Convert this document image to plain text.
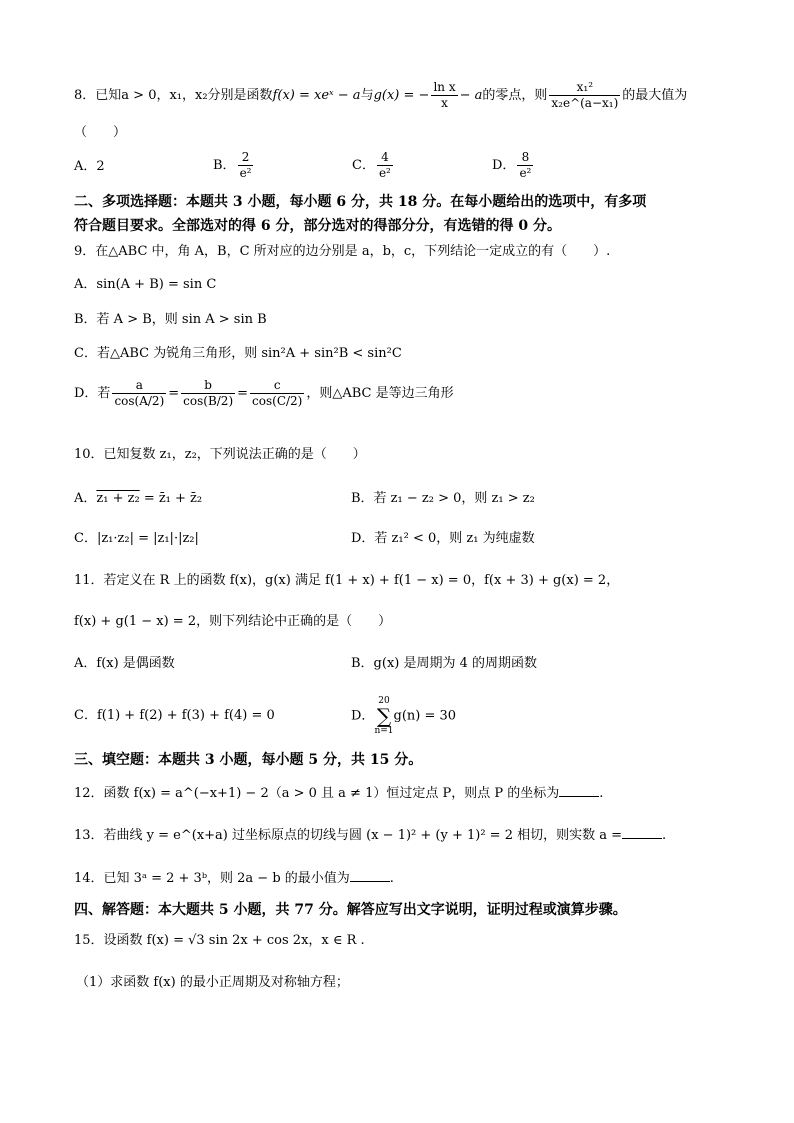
8．已知a > 0，x₁，x₂分别是函数f(x) = xeˣ − a与g(x) = − $\frac{\text{ln x}}{x} - a$的零点，则 $\frac{\text{x₁²}}{\text{x₂e\textasciicircum{}(a−x₁)}}$ 的最大值为
（　　）
A．2	B． $\frac{2}{\text{e²}}$	C． $\frac{4}{\text{e²}}$	D． $\frac{8}{\text{e²}}$
二、多项选择题：本题共 3 小题，每小题 6 分，共 18 分。在每小题给出的选项中，有多项
符合题目要求。全部选对的得 6 分，部分选对的得部分分，有选错的得 0 分。
9．在△ABC 中，角 A，B，C 所对应的边分别是 a，b，c，下列结论一定成立的有（　　）.
A．sin(A + B) = sin C
B．若 A > B，则 sin A > sin B
C．若△ABC 为锐角三角形，则 sin²A + sin²B < sin²C
D．若 $\frac{a}{\cos(A/2)} = \frac{b}{\cos(B/2)} = \frac{c}{\cos(C/2)}$ ，则△ABC 是等边三角形
10．已知复数 z₁，z₂，下列说法正确的是（　　）
A．z₁ + z₂ = z̄₁ + z̄₂	B．若 z₁ − z₂ > 0，则 z₁ > z₂
C．|z₁·z₂| = |z₁|·|z₂|	D．若 z₁² < 0，则 z₁ 为纯虚数
11．若定义在 R 上的函数 f(x)，g(x) 满足 f(1 + x) + f(1 − x) = 0，f(x + 3) + g(x) = 2，
f(x) + g(1 − x) = 2，则下列结论中正确的是（　　）
A．f(x) 是偶函数	B．g(x) 是周期为 4 的周期函数
C．f(1) + f(2) + f(3) + f(4) = 0	D．20
∑
n=1g(n) = 30
三、填空题：本题共 3 小题，每小题 5 分，共 15 分。
12．函数 f(x) = a^(−x+1) − 2（a > 0 且 a ≠ 1）恒过定点 P，则点 P 的坐标为	.
13．若曲线 y = e^(x+a) 过坐标原点的切线与圆 (x − 1)² + (y + 1)² = 2 相切，则实数 a =	.
14．已知 3ᵃ = 2 + 3ᵇ，则 2a − b 的最小值为	.
四、解答题：本大题共 5 小题，共 77 分。解答应写出文字说明，证明过程或演算步骤。
15．设函数 f(x) = √3 sin 2x + cos 2x，x ∈ R .
（1）求函数 f(x) 的最小正周期及对称轴方程；
